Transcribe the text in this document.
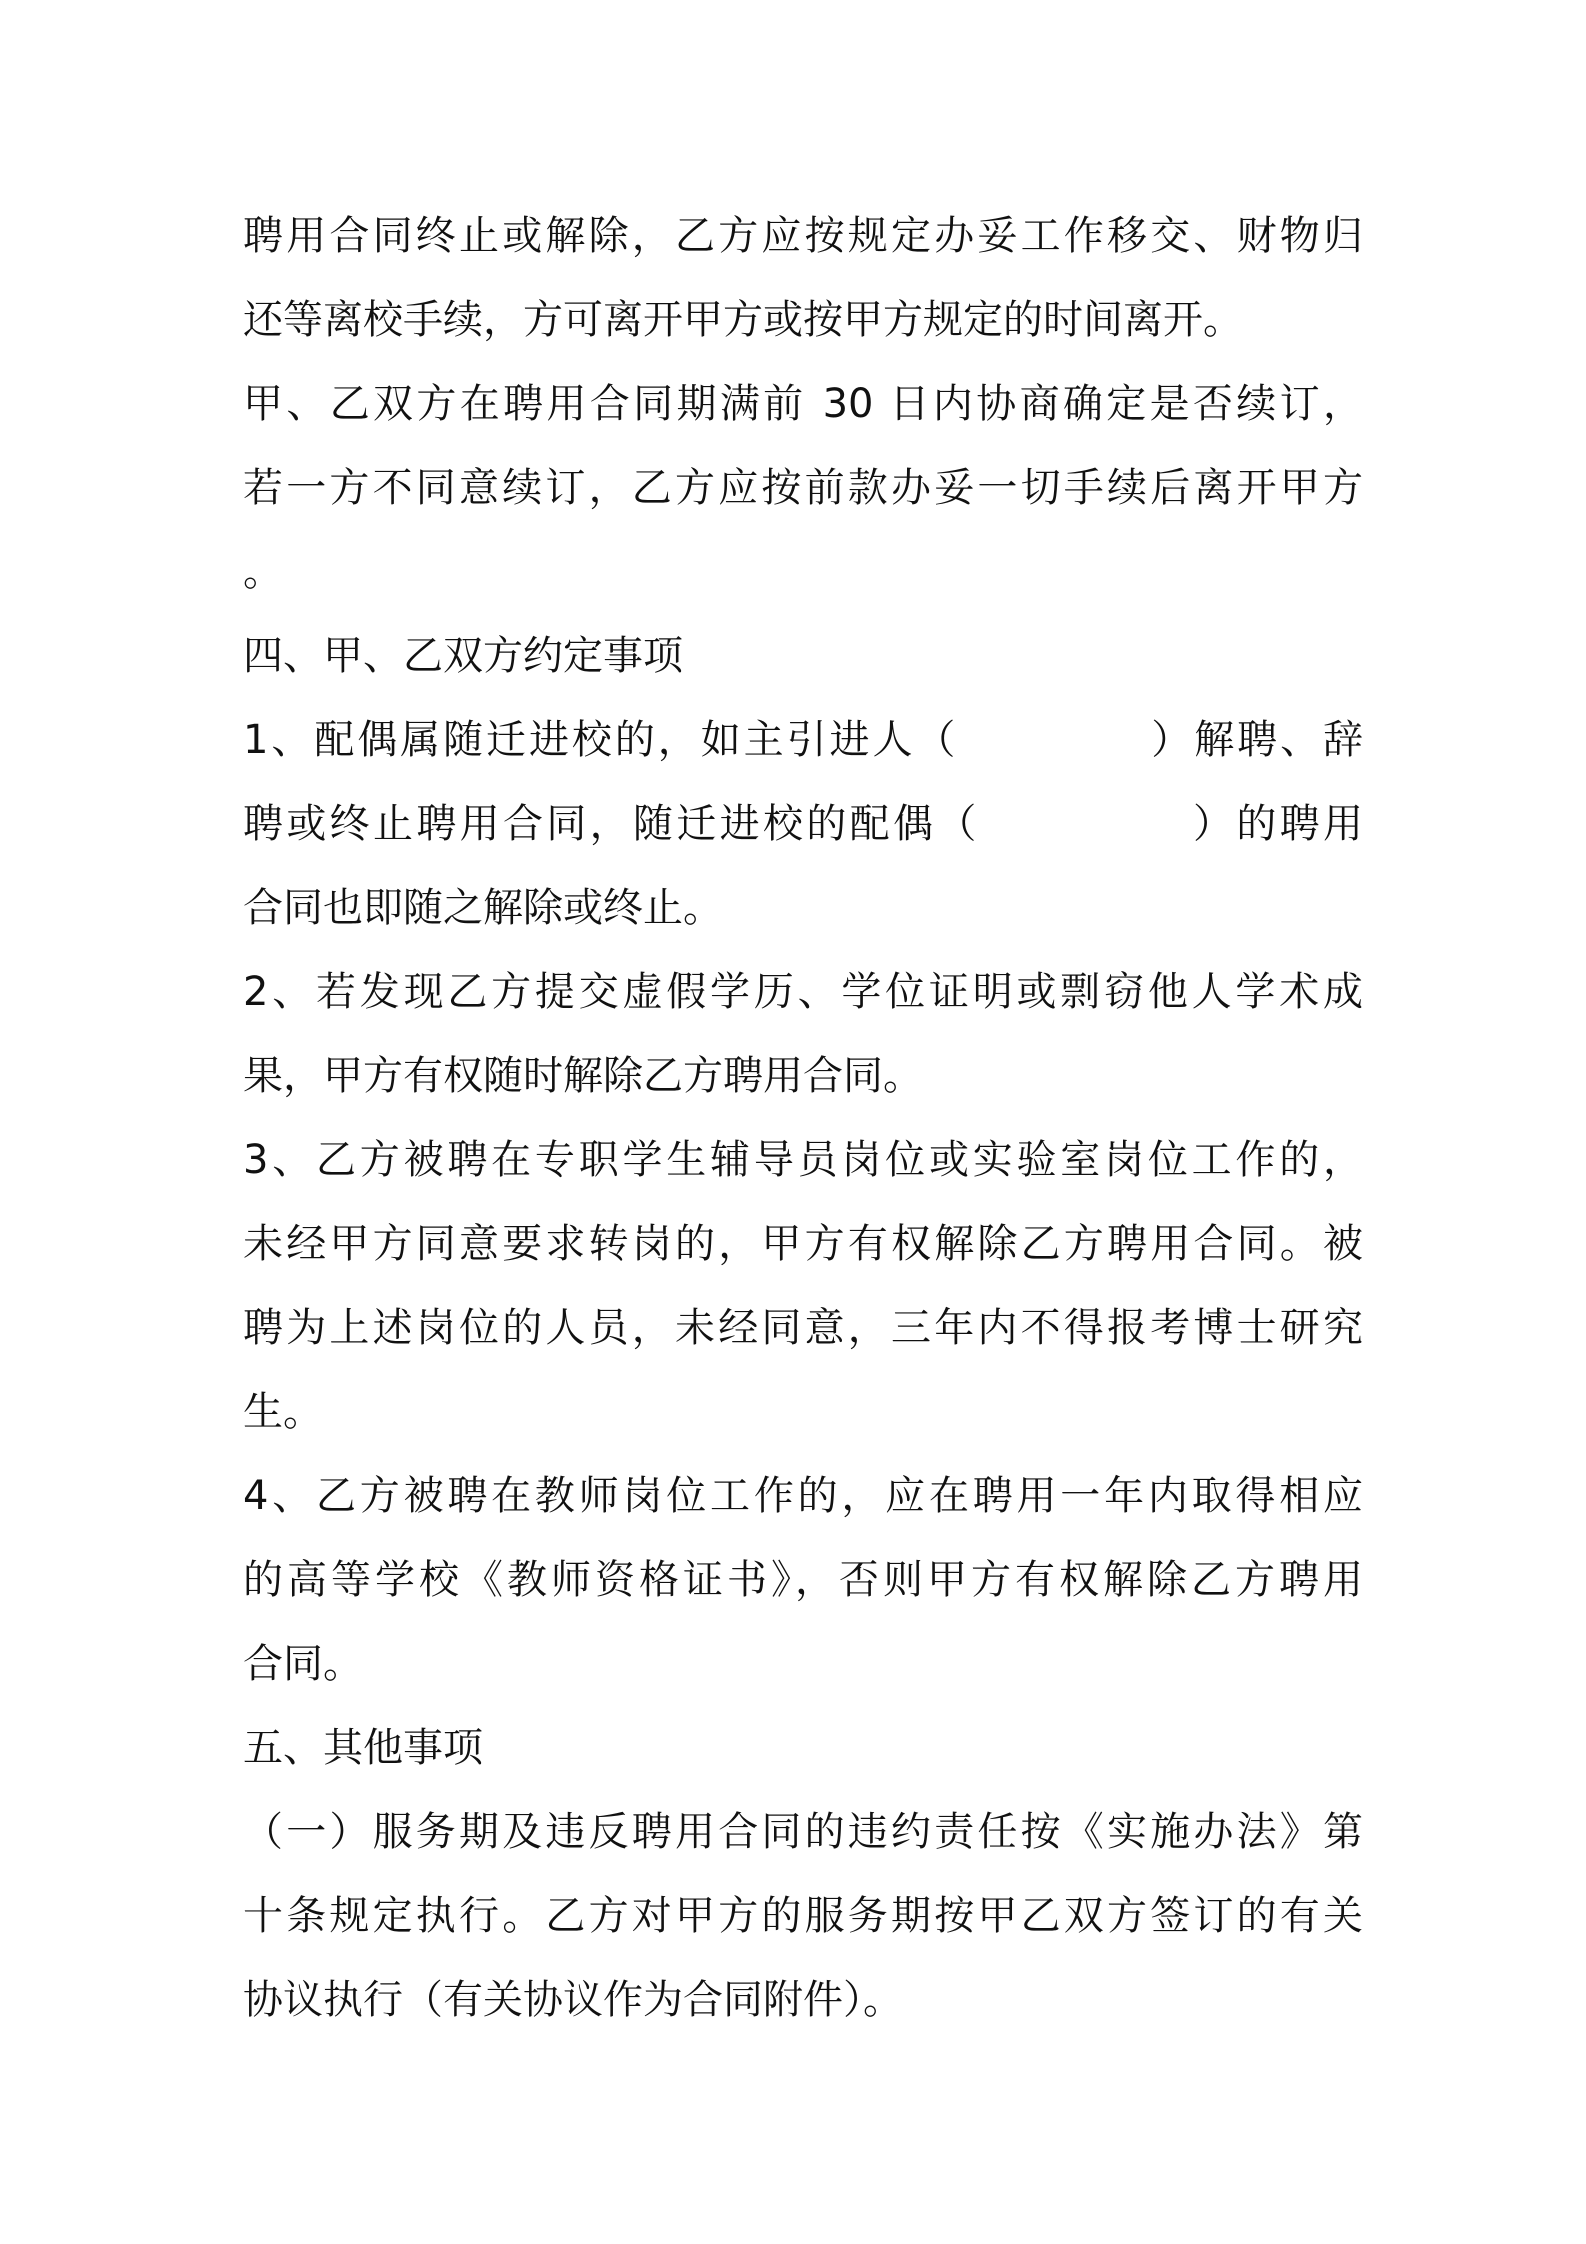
聘用合同终止或解除，乙方应按规定办妥工作移交、财物归
还等离校手续，方可离开甲方或按甲方规定的时间离开。
甲、乙双方在聘用合同期满前 30 日内协商确定是否续订，
若一方不同意续订，乙方应按前款办妥一切手续后离开甲方
。
四、甲、乙双方约定事项
1、配偶属随迁进校的，如主引进人（	）解聘、辞
聘或终止聘用合同，随迁进校的配偶（	）的聘用
合同也即随之解除或终止。
2、若发现乙方提交虚假学历、学位证明或剽窃他人学术成
果，甲方有权随时解除乙方聘用合同。
3、乙方被聘在专职学生辅导员岗位或实验室岗位工作的，
未经甲方同意要求转岗的，甲方有权解除乙方聘用合同。被
聘为上述岗位的人员，未经同意，三年内不得报考博士研究
生。
4、乙方被聘在教师岗位工作的，应在聘用一年内取得相应
的高等学校《教师资格证书》，否则甲方有权解除乙方聘用
合同。
五、其他事项
（一）服务期及违反聘用合同的违约责任按《实施办法》第
十条规定执行。乙方对甲方的服务期按甲乙双方签订的有关
协议执行（有关协议作为合同附件）。
